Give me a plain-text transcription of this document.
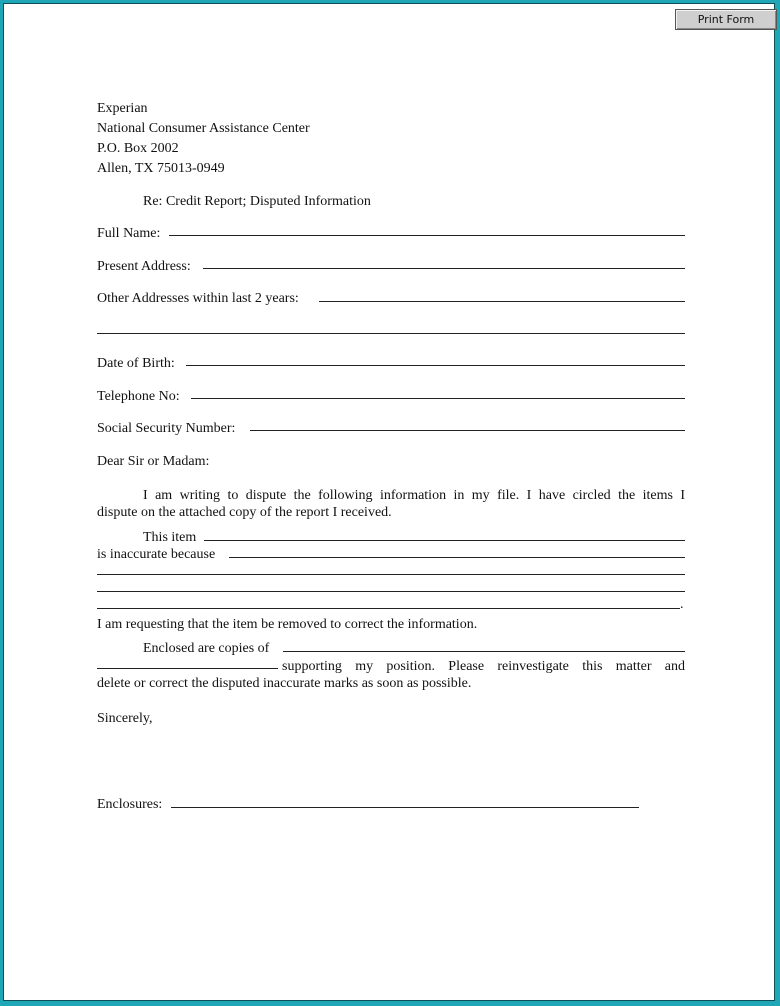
Print Form
Experian
National Consumer Assistance Center
P.O. Box 2002
Allen, TX 75013-0949
Re: Credit Report; Disputed Information
Full Name:
Present Address:
Other Addresses within last 2 years:
Date of Birth:
Telephone No:
Social Security Number:
Dear Sir or Madam:
I am writing to dispute the following information in my file. I have circled the items I
dispute on the attached copy of the report I received.
This item
is inaccurate because
.
I am requesting that the item be removed to correct the information.
Enclosed are copies of
supporting my position. Please reinvestigate this matter and
delete or correct the disputed inaccurate marks as soon as possible.
Sincerely,
Enclosures:
